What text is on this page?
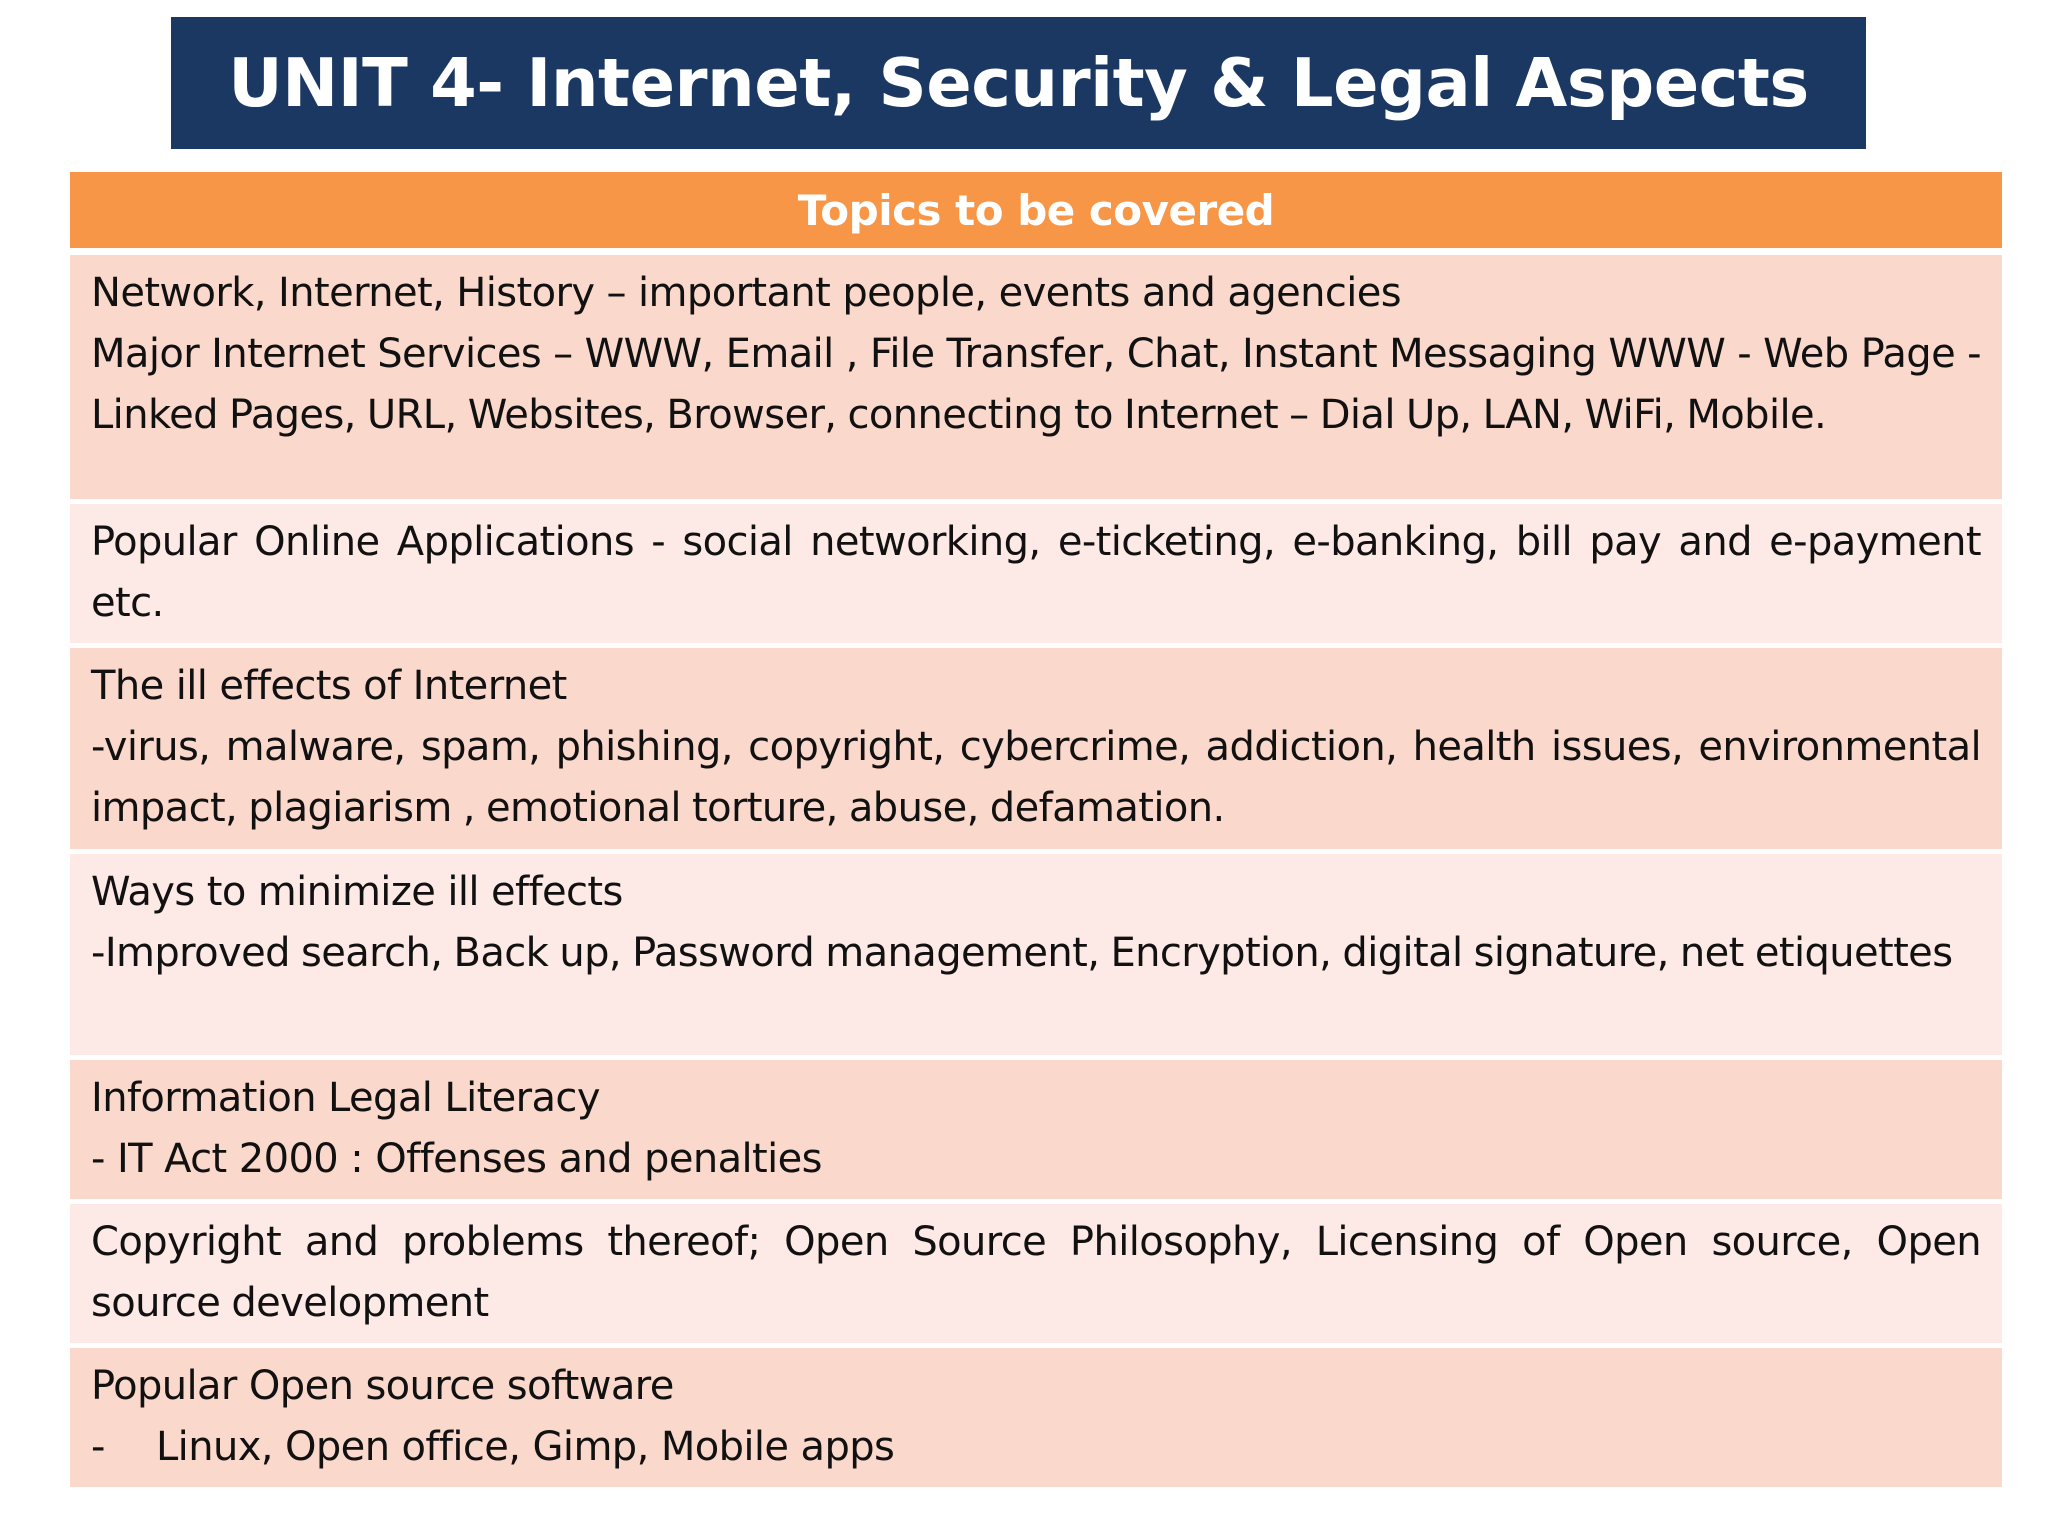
UNIT 4- Internet, Security & Legal Aspects
Topics to be covered
Network, Internet, History – important people, events and agencies
Major Internet Services – WWW, Email , File Transfer, Chat, Instant Messaging WWW - Web Page - Linked Pages, URL, Websites, Browser, connecting to Internet – Dial Up, LAN, WiFi, Mobile.
Popular Online Applications - social networking, e-ticketing, e-banking, bill pay and e-payment etc.
The ill effects of Internet
-virus, malware, spam, phishing, copyright, cybercrime, addiction, health issues, environmental impact, plagiarism , emotional torture, abuse, defamation.
Ways to minimize ill effects
-Improved search, Back up, Password management, Encryption, digital signature, net etiquettes
Information Legal Literacy
- IT Act 2000 : Offenses and penalties
Copyright and problems thereof; Open Source Philosophy, Licensing of Open source, Open source development
Popular Open source software
-	Linux, Open office, Gimp, Mobile apps
